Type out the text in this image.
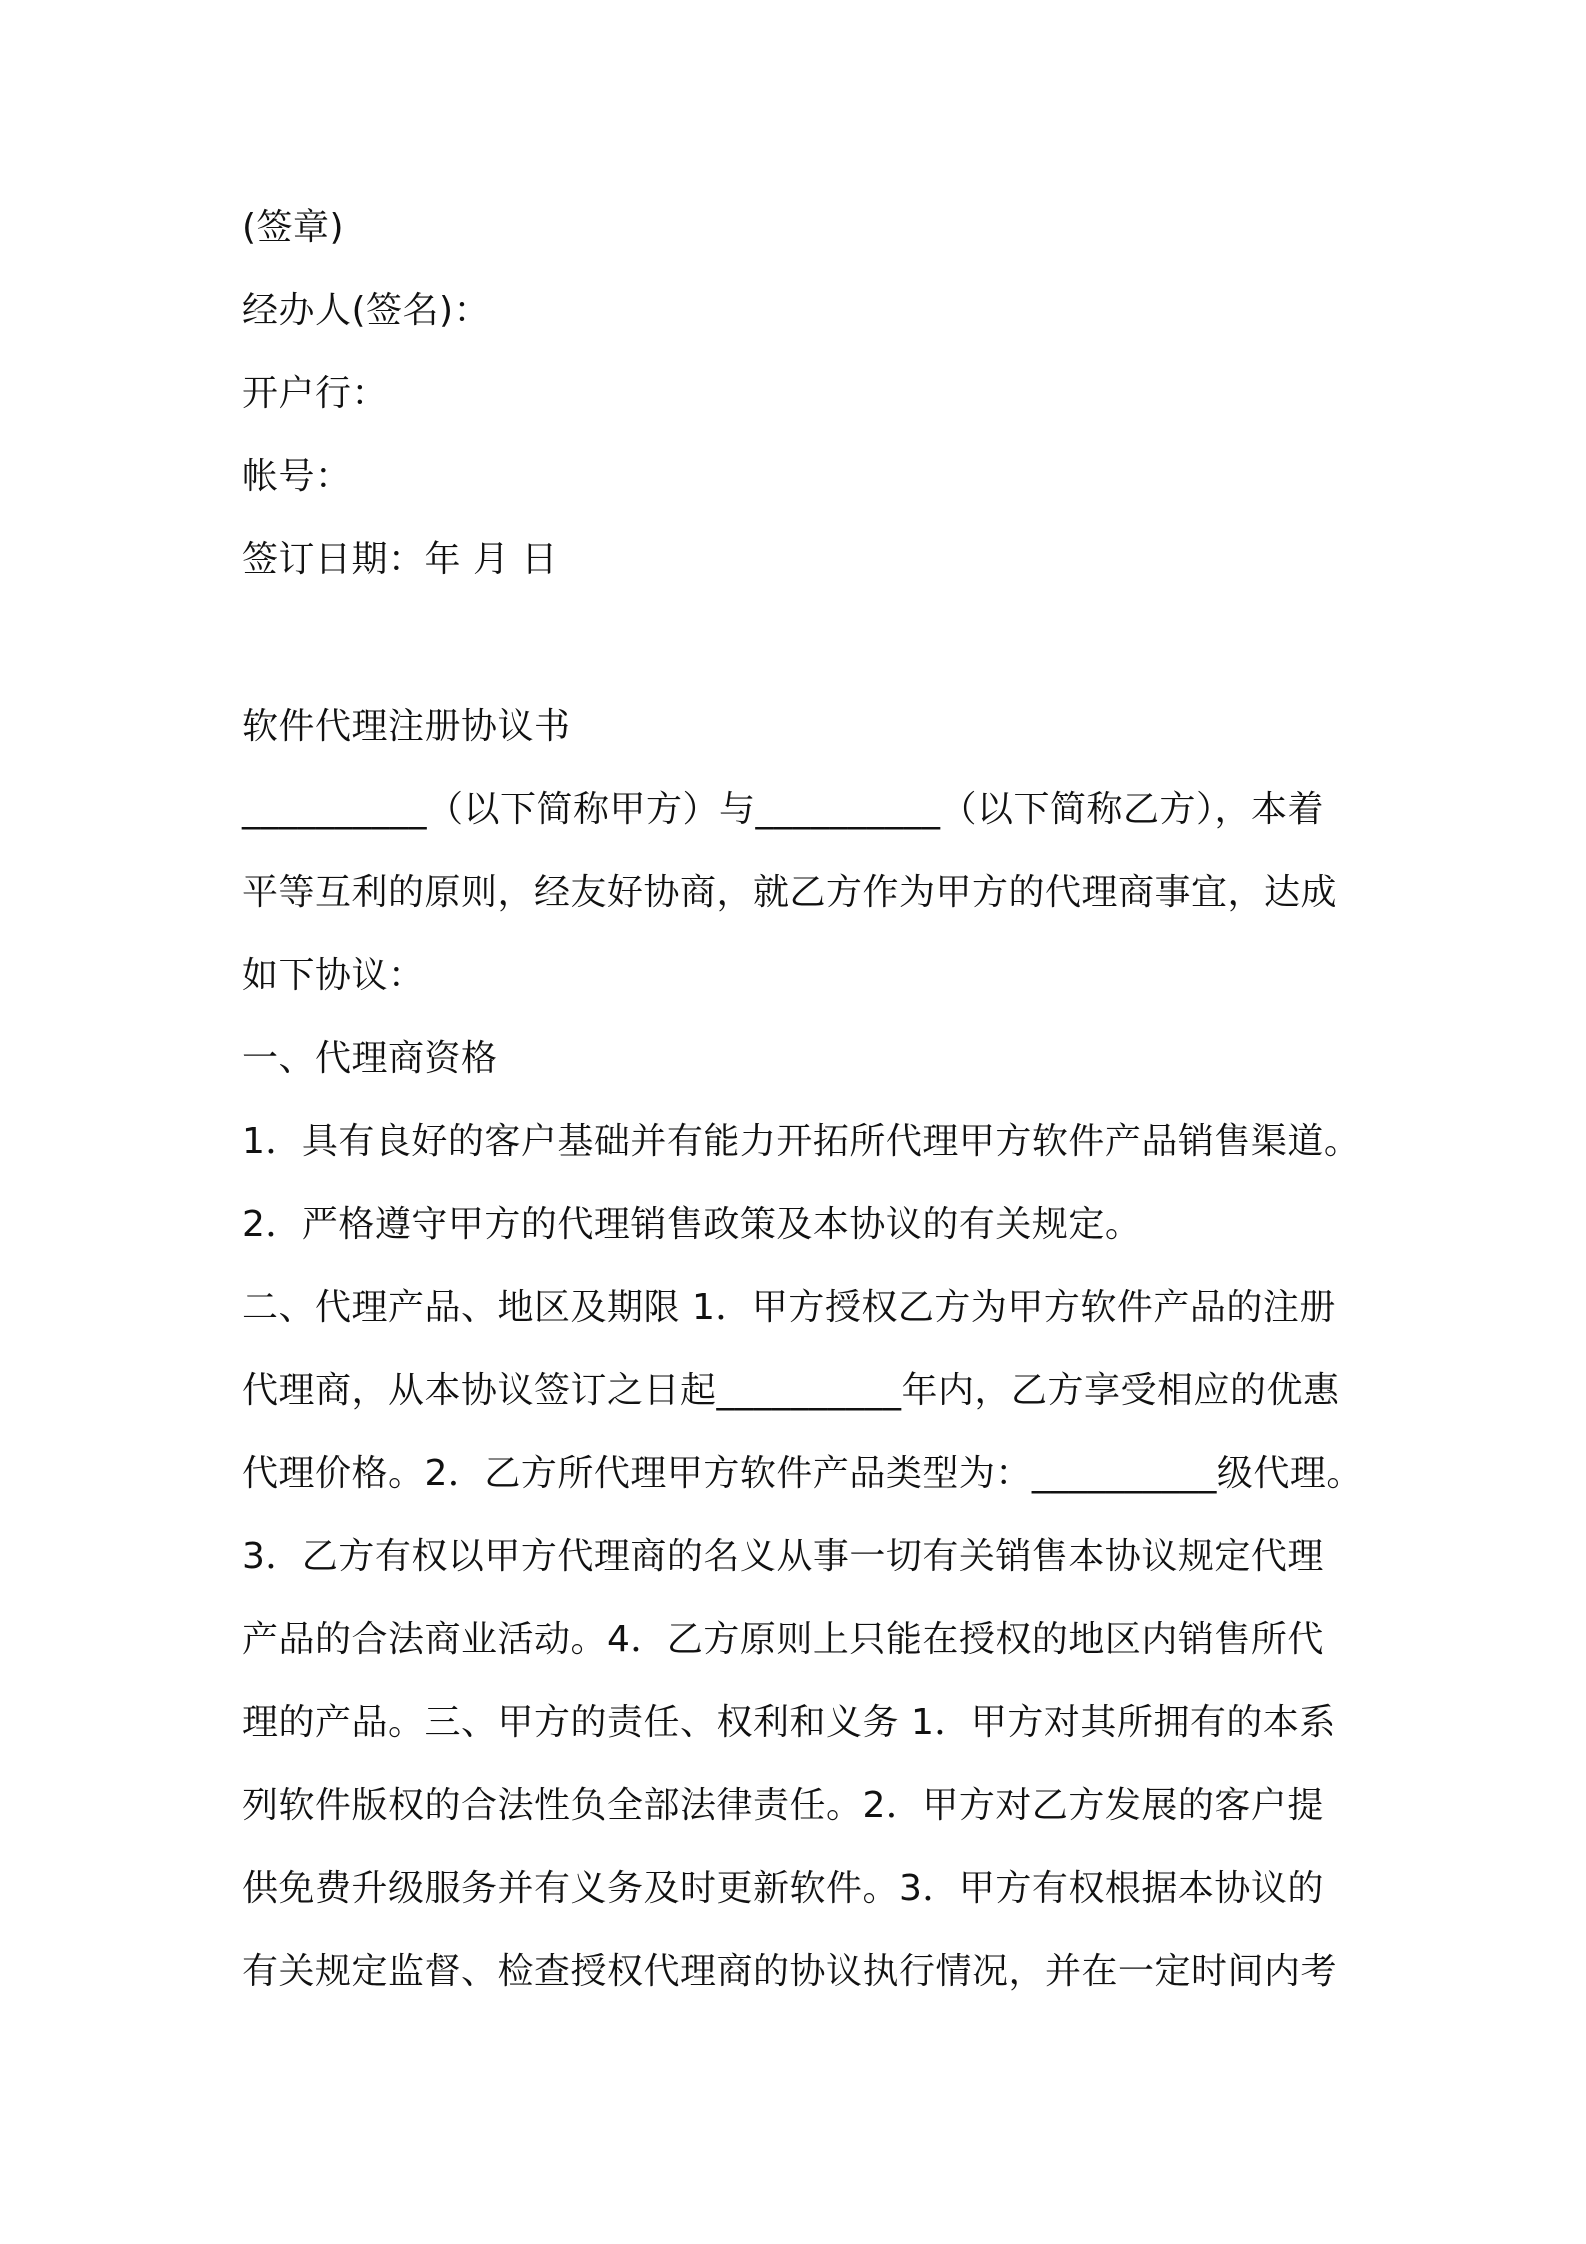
(签章)
经办人(签名)：
开户行：
帐号：
签订日期：年 月 日
软件代理注册协议书
__________（以下简称甲方）与__________（以下简称乙方），本着
平等互利的原则，经友好协商，就乙方作为甲方的代理商事宜，达成
如下协议：
一、代理商资格
1．具有良好的客户基础并有能力开拓所代理甲方软件产品销售渠道。
2．严格遵守甲方的代理销售政策及本协议的有关规定。
二、代理产品、地区及期限 1．甲方授权乙方为甲方软件产品的注册
代理商，从本协议签订之日起__________年内，乙方享受相应的优惠
代理价格。2．乙方所代理甲方软件产品类型为：__________级代理。
3．乙方有权以甲方代理商的名义从事一切有关销售本协议规定代理
产品的合法商业活动。4．乙方原则上只能在授权的地区内销售所代
理的产品。三、甲方的责任、权利和义务 1．甲方对其所拥有的本系
列软件版权的合法性负全部法律责任。2．甲方对乙方发展的客户提
供免费升级服务并有义务及时更新软件。3．甲方有权根据本协议的
有关规定监督、检查授权代理商的协议执行情况，并在一定时间内考
